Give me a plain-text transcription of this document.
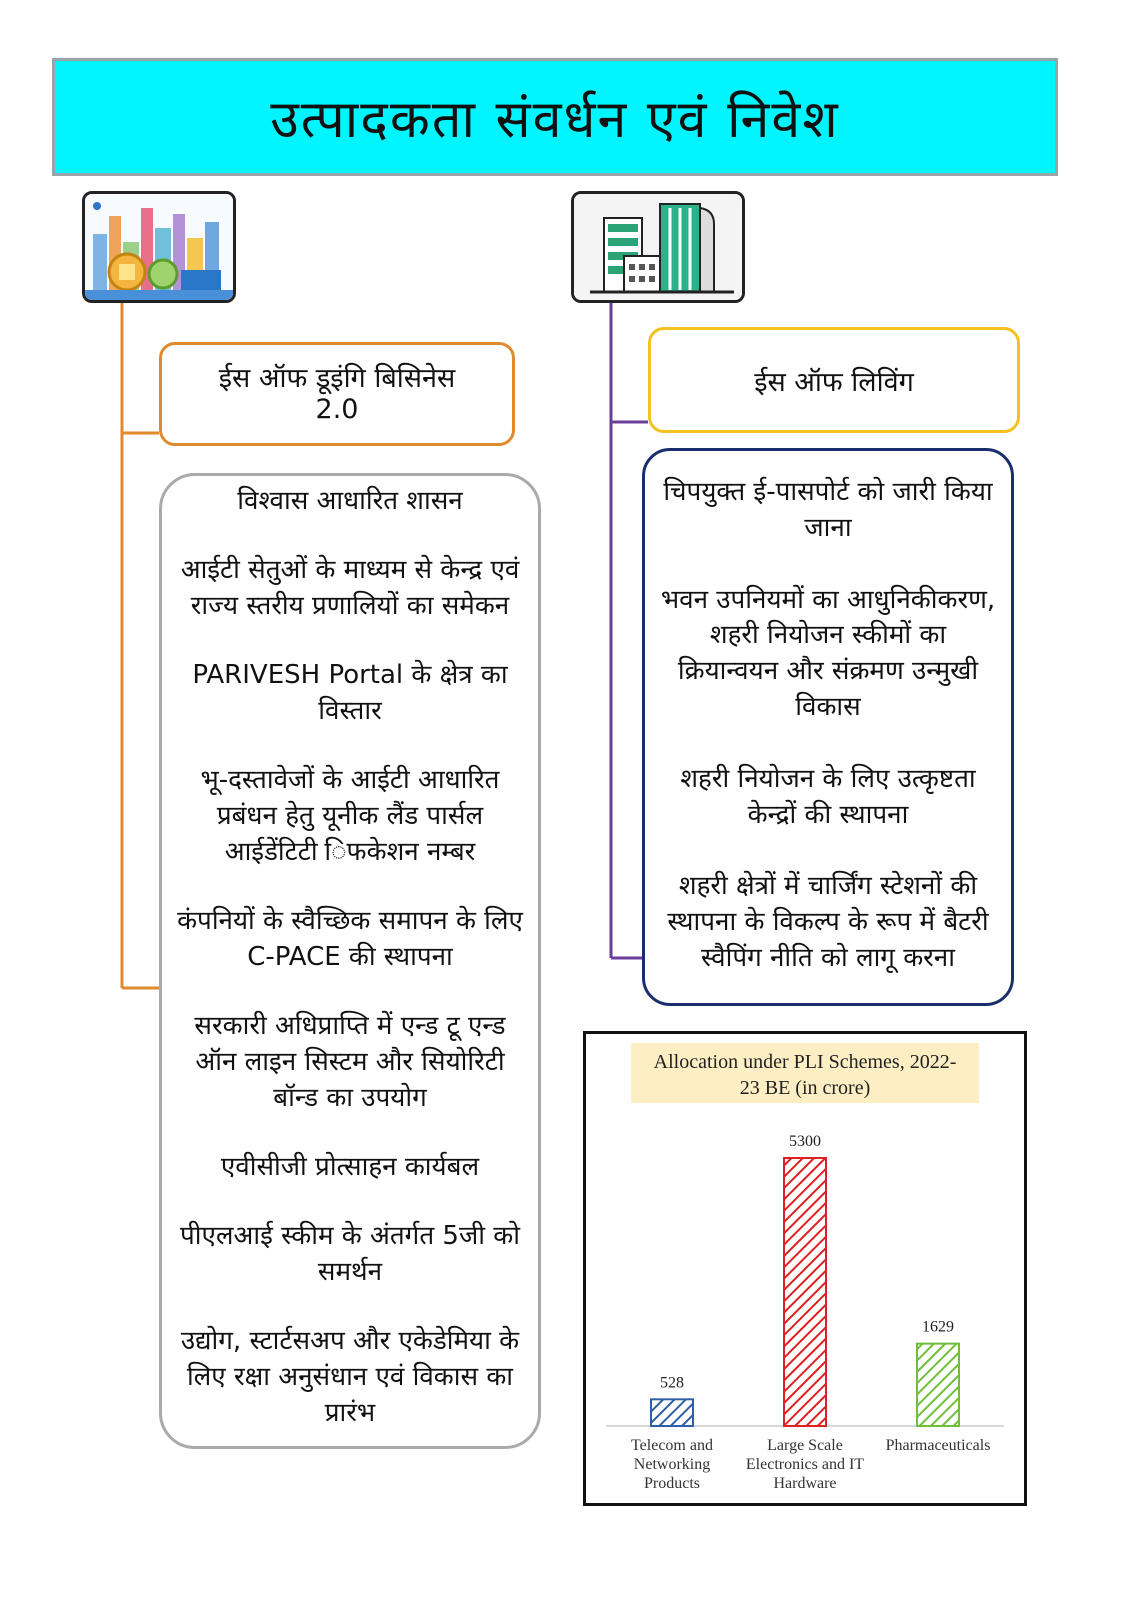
उत्पादकता संवर्धन एवं निवेश
ईस ऑफ डूइंगि बिसिनेस
2.0
ईस ऑफ लिविंग
विश्वास आधारित शासन
आईटी सेतुओं के माध्यम से केन्द्र एवं राज्य स्तरीय प्रणालियों का समेकन
PARIVESH Portal के क्षेत्र का विस्तार
भू-दस्तावेजों के आईटी आधारित प्रबंधन हेतु यूनीक लैंड पार्सल आईडेंटिटी िफकेशन नम्बर
कंपनियों के स्वैच्छिक समापन के लिए C-PACE की स्थापना
सरकारी अधिप्राप्ति में एन्ड टू एन्ड ऑन लाइन सिस्टम और सियोरिटी बॉन्ड का उपयोग
एवीसीजी प्रोत्साहन कार्यबल
पीएलआई स्कीम के अंतर्गत 5जी को समर्थन
उद्योग, स्टार्टसअप और एकेडेमिया के लिए रक्षा अनुसंधान एवं विकास का प्रारंभ
चिपयुक्त ई-पासपोर्ट को जारी किया जाना
भवन उपनियमों का आधुनिकीकरण, शहरी नियोजन स्कीमों का क्रियान्वयन और संक्रमण उन्मुखी विकास
शहरी नियोजन के लिए उत्कृष्टता केन्द्रों की स्थापना
शहरी क्षेत्रों में चार्जिंग स्टेशनों की स्थापना के विकल्प के रूप में बैटरी स्वैपिंग नीति को लागू करना
Allocation under PLI Schemes, 2022-
23 BE (in crore)
528
Telecom and
Networking
Products
5300
Large Scale
Electronics and IT
Hardware
1629
Pharmaceuticals
